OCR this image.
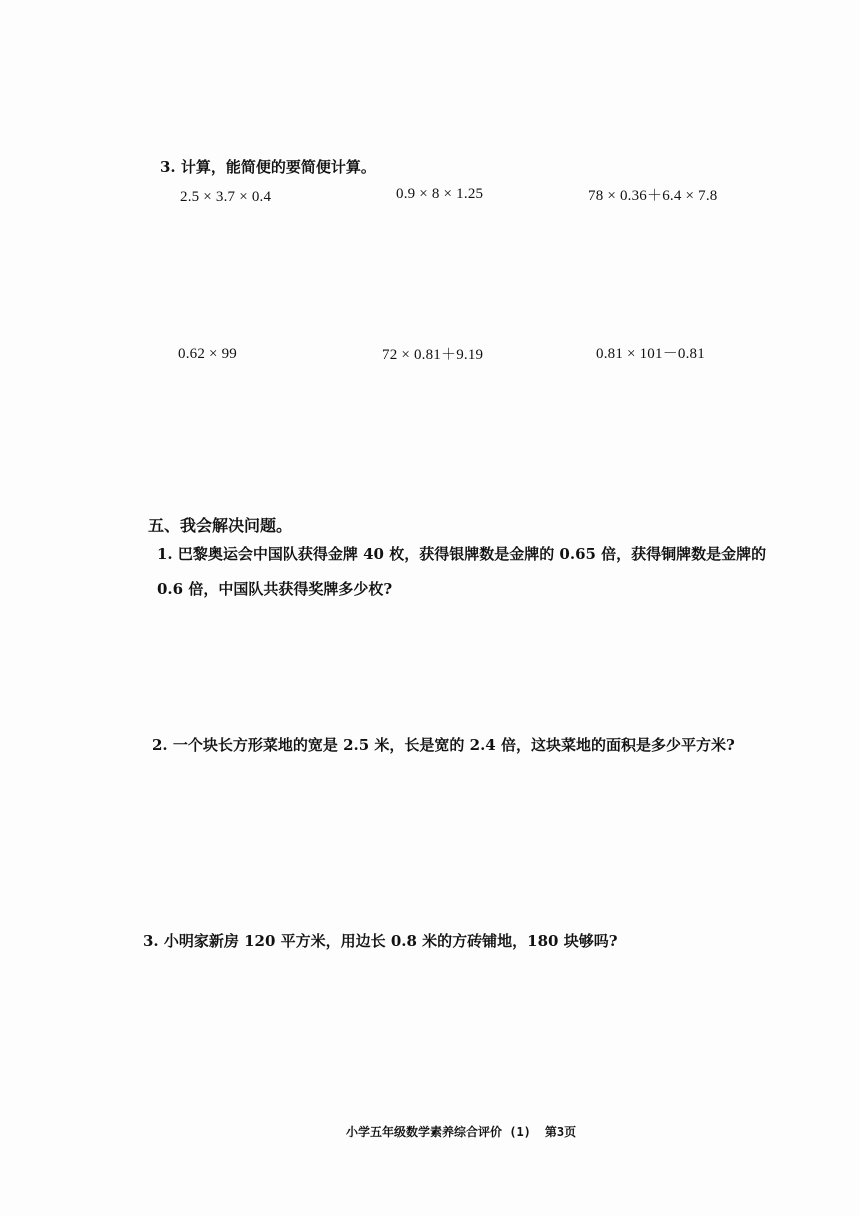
3. 计算，能简便的要简便计算。
2.5 × 3.7 × 0.4	0.9 × 8 × 1.25	78 × 0.36＋6.4 × 7.8
0.62 × 99	72 × 0.81＋9.19	0.81 × 101－0.81
五、我会解决问题。
1. 巴黎奥运会中国队获得金牌 40 枚，获得银牌数是金牌的 0.65 倍，获得铜牌数是金牌的 0.6 倍，中国队共获得奖牌多少枚?
2. 一个块长方形菜地的宽是 2.5 米，长是宽的 2.4 倍，这块菜地的面积是多少平方米?
3. 小明家新房 120 平方米，用边长 0.8 米的方砖铺地，180 块够吗?
小学五年级数学素养综合评价 (1) 第3页
